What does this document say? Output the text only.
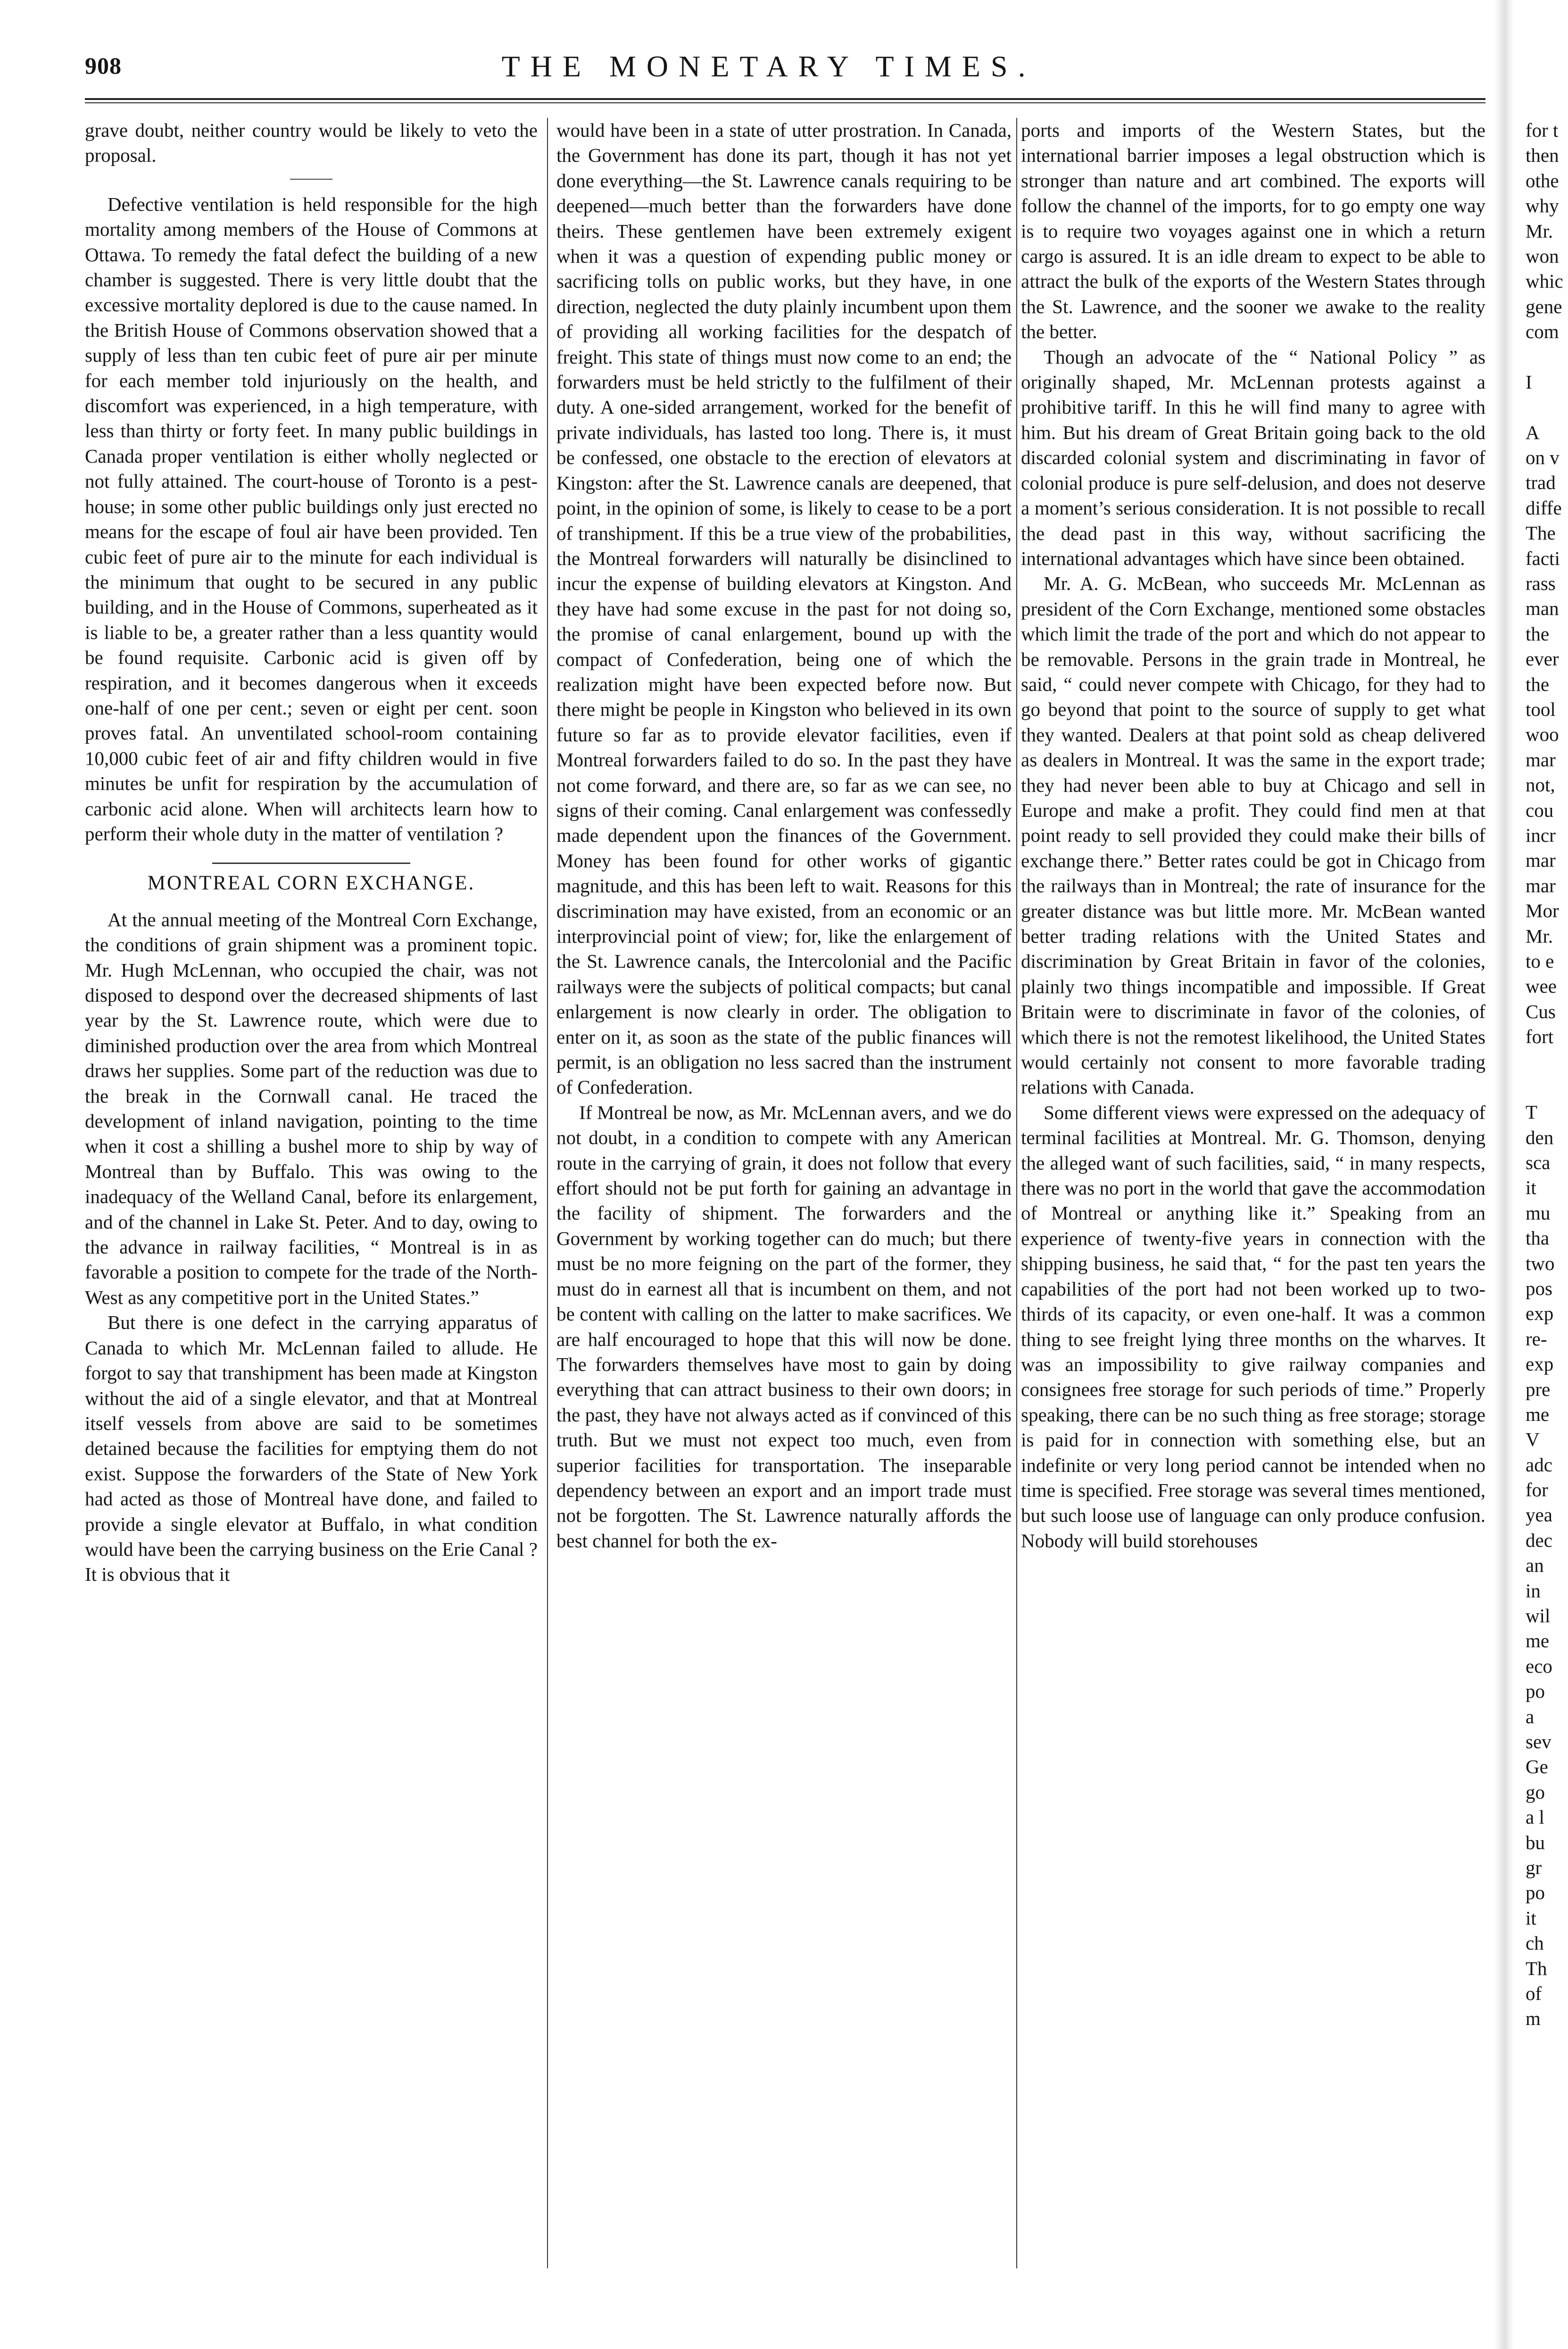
908	THE MONETARY TIMES.

grave doubt, neither country would be likely to veto the proposal.

Defective ventilation is held responsible for the high mortality among members of the House of Commons at Ottawa. To remedy the fatal defect the building of a new chamber is suggested. There is very little doubt that the excessive mortality deplored is due to the cause named. In the British House of Commons observation showed that a supply of less than ten cubic feet of pure air per minute for each member told injuriously on the health, and discomfort was experienced, in a high temperature, with less than thirty or forty feet. In many public buildings in Canada proper ventilation is either wholly neglected or not fully attained. The court-house of Toronto is a pest-house; in some other public buildings only just erected no means for the escape of foul air have been provided. Ten cubic feet of pure air to the minute for each individual is the minimum that ought to be secured in any public building, and in the House of Commons, superheated as it is liable to be, a greater rather than a less quantity would be found requisite. Carbonic acid is given off by respiration, and it becomes dangerous when it exceeds one-half of one per cent.; seven or eight per cent. soon proves fatal. An unventilated school-room containing 10,000 cubic feet of air and fifty children would in five minutes be unfit for respiration by the accumulation of carbonic acid alone. When will architects learn how to perform their whole duty in the matter of ventilation ?

MONTREAL CORN EXCHANGE.

At the annual meeting of the Montreal Corn Exchange, the conditions of grain shipment was a prominent topic. Mr. Hugh McLennan, who occupied the chair, was not disposed to despond over the decreased shipments of last year by the St. Lawrence route, which were due to diminished production over the area from which Montreal draws her supplies. Some part of the reduction was due to the break in the Cornwall canal. He traced the development of inland navigation, pointing to the time when it cost a shilling a bushel more to ship by way of Montreal than by Buffalo. This was owing to the inadequacy of the Welland Canal, before its enlargement, and of the channel in Lake St. Peter. And to day, owing to the advance in railway facilities, “ Montreal is in as favorable a position to compete for the trade of the North-West as any competitive port in the United States.”

But there is one defect in the carrying apparatus of Canada to which Mr. McLennan failed to allude. He forgot to say that transhipment has been made at Kingston without the aid of a single elevator, and that at Montreal itself vessels from above are said to be sometimes detained because the facilities for emptying them do not exist. Suppose the forwarders of the State of New York had acted as those of Montreal have done, and failed to provide a single elevator at Buffalo, in what condition would have been the carrying business on the Erie Canal ? It is obvious that it

would have been in a state of utter prostration. In Canada, the Government has done its part, though it has not yet done everything—the St. Lawrence canals requiring to be deepened—much better than the forwarders have done theirs. These gentlemen have been extremely exigent when it was a question of expending public money or sacrificing tolls on public works, but they have, in one direction, neglected the duty plainly incumbent upon them of providing all working facilities for the despatch of freight. This state of things must now come to an end; the forwarders must be held strictly to the fulfilment of their duty. A one-sided arrangement, worked for the benefit of private individuals, has lasted too long. There is, it must be confessed, one obstacle to the erection of elevators at Kingston: after the St. Lawrence canals are deepened, that point, in the opinion of some, is likely to cease to be a port of transhipment. If this be a true view of the probabilities, the Montreal forwarders will naturally be disinclined to incur the expense of building elevators at Kingston. And they have had some excuse in the past for not doing so, the promise of canal enlargement, bound up with the compact of Confederation, being one of which the realization might have been expected before now. But there might be people in Kingston who believed in its own future so far as to provide elevator facilities, even if Montreal forwarders failed to do so. In the past they have not come forward, and there are, so far as we can see, no signs of their coming. Canal enlargement was confessedly made dependent upon the finances of the Government. Money has been found for other works of gigantic magnitude, and this has been left to wait. Reasons for this discrimination may have existed, from an economic or an interprovincial point of view; for, like the enlargement of the St. Lawrence canals, the Intercolonial and the Pacific railways were the subjects of political compacts; but canal enlargement is now clearly in order. The obligation to enter on it, as soon as the state of the public finances will permit, is an obligation no less sacred than the instrument of Confederation.

If Montreal be now, as Mr. McLennan avers, and we do not doubt, in a condition to compete with any American route in the carrying of grain, it does not follow that every effort should not be put forth for gaining an advantage in the facility of shipment. The forwarders and the Government by working together can do much; but there must be no more feigning on the part of the former, they must do in earnest all that is incumbent on them, and not be content with calling on the latter to make sacrifices. We are half encouraged to hope that this will now be done. The forwarders themselves have most to gain by doing everything that can attract business to their own doors; in the past, they have not always acted as if convinced of this truth. But we must not expect too much, even from superior facilities for transportation. The inseparable dependency between an export and an import trade must not be forgotten. The St. Lawrence naturally affords the best channel for both the ex-

ports and imports of the Western States, but the international barrier imposes a legal obstruction which is stronger than nature and art combined. The exports will follow the channel of the imports, for to go empty one way is to require two voyages against one in which a return cargo is assured. It is an idle dream to expect to be able to attract the bulk of the exports of the Western States through the St. Lawrence, and the sooner we awake to the reality the better.

Though an advocate of the “ National Policy ” as originally shaped, Mr. McLennan protests against a prohibitive tariff. In this he will find many to agree with him. But his dream of Great Britain going back to the old discarded colonial system and discriminating in favor of colonial produce is pure self-delusion, and does not deserve a moment’s serious consideration. It is not possible to recall the dead past in this way, without sacrificing the international advantages which have since been obtained.

Mr. A. G. McBean, who succeeds Mr. McLennan as president of the Corn Exchange, mentioned some obstacles which limit the trade of the port and which do not appear to be removable. Persons in the grain trade in Montreal, he said, “ could never compete with Chicago, for they had to go beyond that point to the source of supply to get what they wanted. Dealers at that point sold as cheap delivered as dealers in Montreal. It was the same in the export trade; they had never been able to buy at Chicago and sell in Europe and make a profit. They could find men at that point ready to sell provided they could make their bills of exchange there.” Better rates could be got in Chicago from the railways than in Montreal; the rate of insurance for the greater distance was but little more. Mr. McBean wanted better trading relations with the United States and discrimination by Great Britain in favor of the colonies, plainly two things incompatible and impossible. If Great Britain were to discriminate in favor of the colonies, of which there is not the remotest likelihood, the United States would certainly not consent to more favorable trading relations with Canada.

Some different views were expressed on the adequacy of terminal facilities at Montreal. Mr. G. Thomson, denying the alleged want of such facilities, said, “ in many respects, there was no port in the world that gave the accommodation of Montreal or anything like it.” Speaking from an experience of twenty-five years in connection with the shipping business, he said that, “ for the past ten years the capabilities of the port had not been worked up to two-thirds of its capacity, or even one-half. It was a common thing to see freight lying three months on the wharves. It was an impossibility to give railway companies and consignees free storage for such periods of time.” Properly speaking, there can be no such thing as free storage; storage is paid for in connection with something else, but an indefinite or very long period cannot be intended when no time is specified. Free storage was several times mentioned, but such loose use of language can only produce confusion. Nobody will build storehouses

for t
then
othe
why
Mr.
won
whic
gene
com
I
A
on v
trad
diffe
The
facti
rass
man
the
ever
the
tool
woo
mar
not,
cou
incr
mar
mar
Mor
Mr.
to e
wee
Cus
fort
T
den
sca
it
mu
tha
two
pos
exp
re-
exp
pre
me
V
adc
for
yea
dec
an
in
wil
me
eco
po
a
sev
Ge
go
a l
bu
gr
po
it
ch
Th
of
m
